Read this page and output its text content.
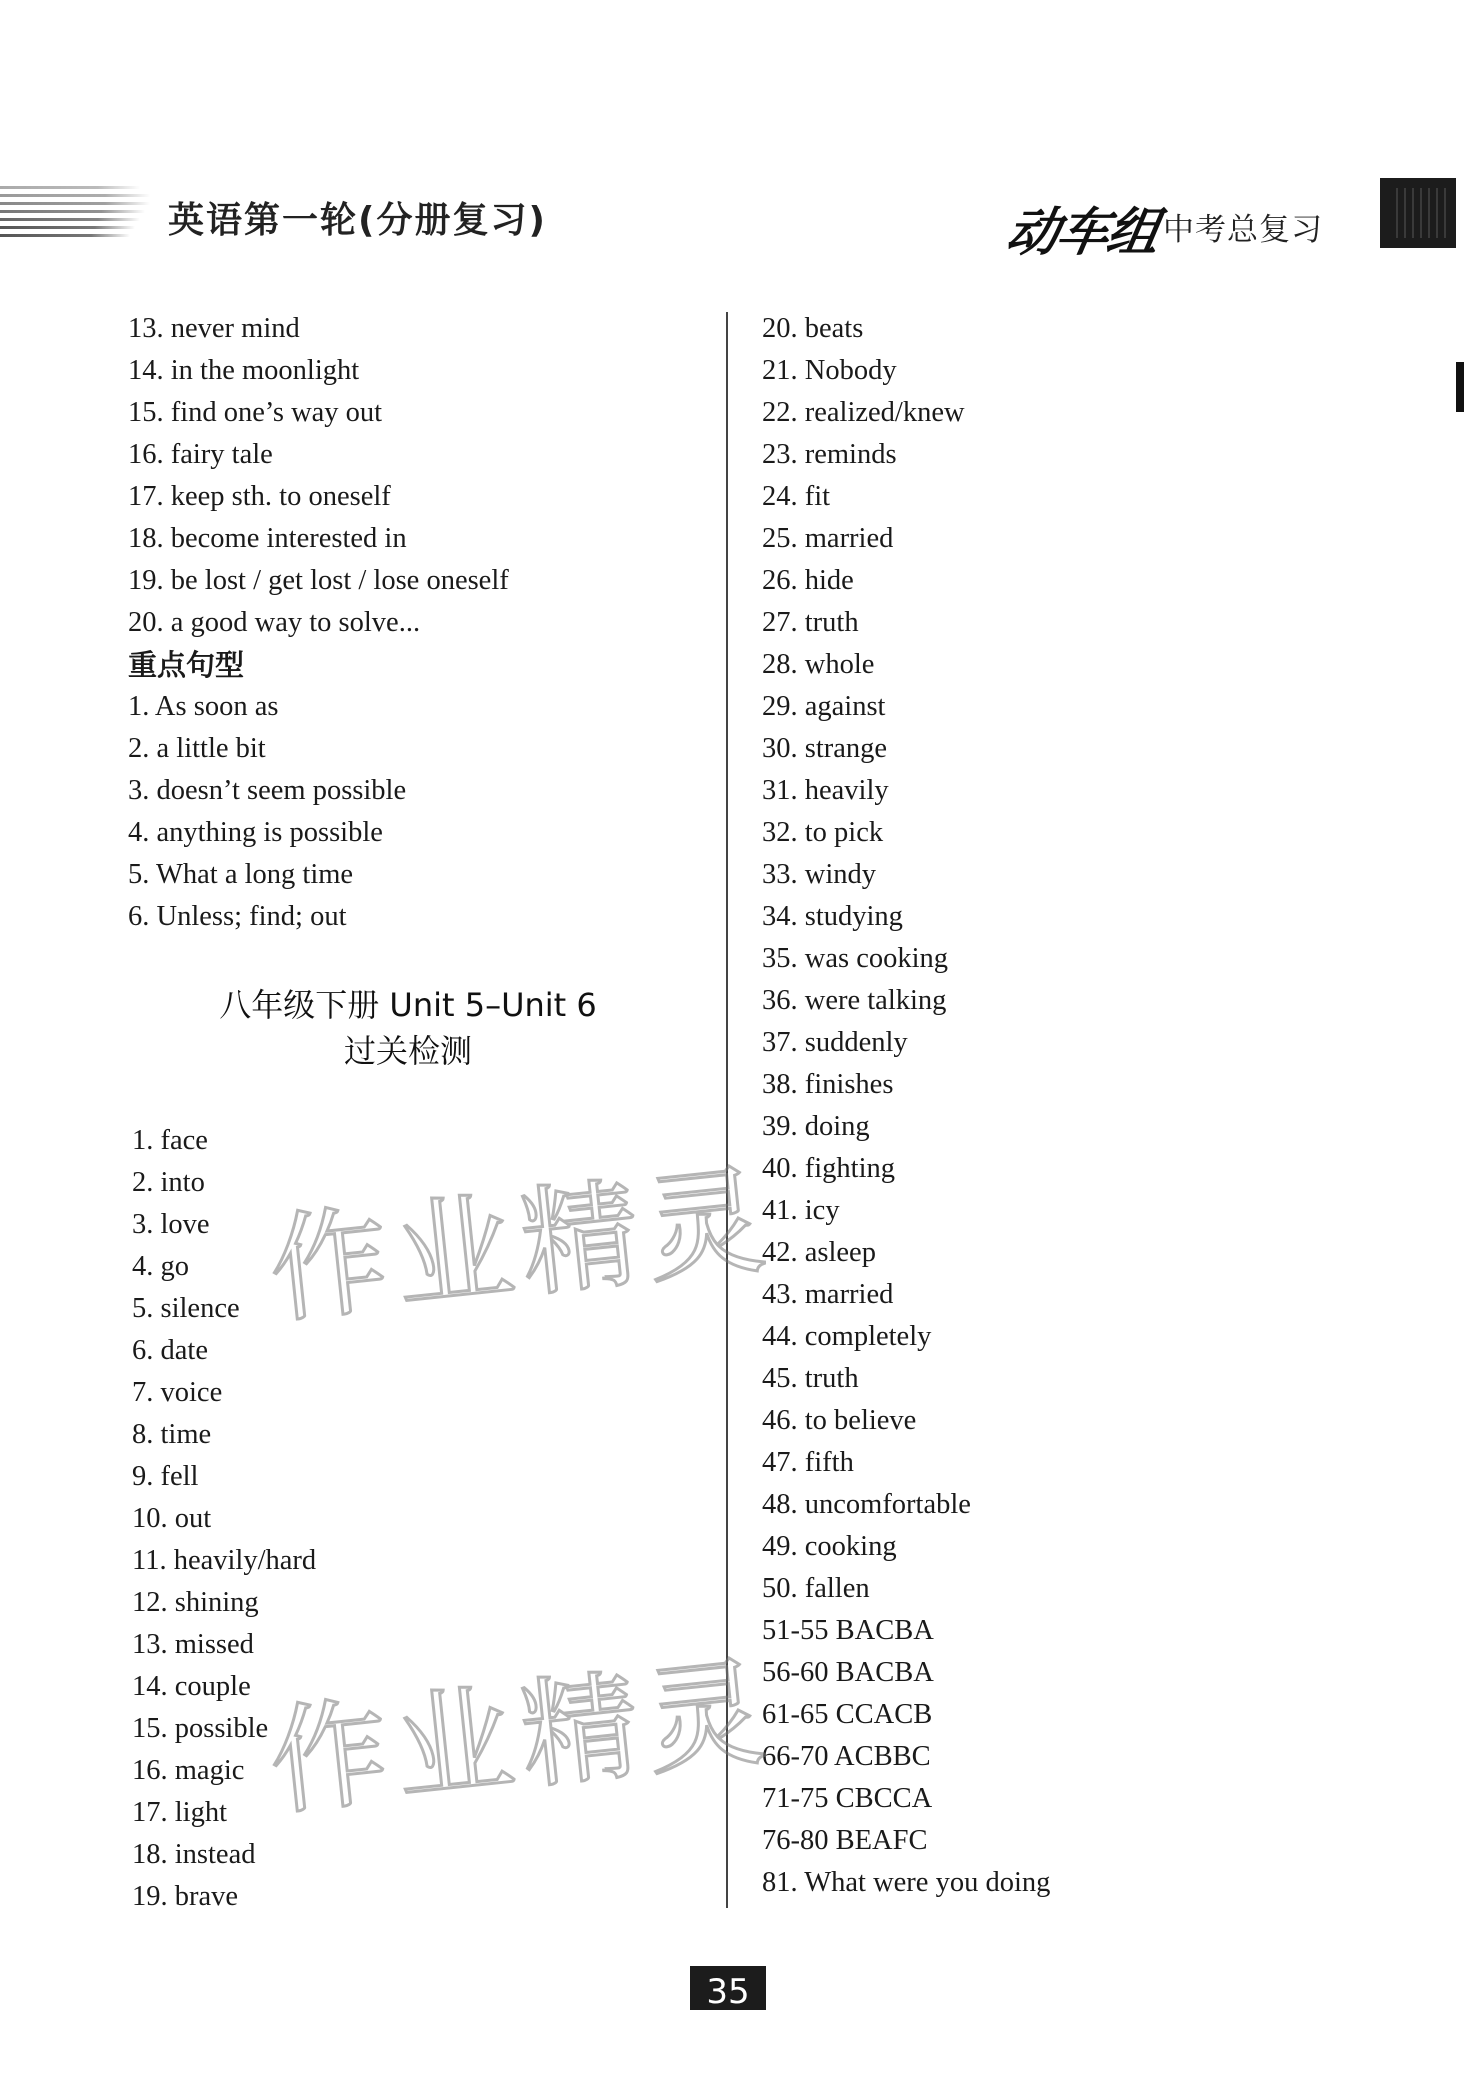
英语第一轮(分册复习)	动车组 中考总复习
13. never mind
14. in the moonlight
15. find one’s way out
16. fairy tale
17. keep sth. to oneself
18. become interested in
19. be lost / get lost / lose oneself
20. a good way to solve...
重点句型
1. As soon as
2. a little bit
3. doesn’t seem possible
4. anything is possible
5. What a long time
6. Unless; find; out
八年级下册 Unit 5–Unit 6
过关检测
1. face
2. into
3. love
4. go
5. silence
6. date
7. voice
8. time
9. fell
10. out
11. heavily/hard
12. shining
13. missed
14. couple
15. possible
16. magic
17. light
18. instead
19. brave
20. beats
21. Nobody
22. realized/knew
23. reminds
24. fit
25. married
26. hide
27. truth
28. whole
29. against
30. strange
31. heavily
32. to pick
33. windy
34. studying
35. was cooking
36. were talking
37. suddenly
38. finishes
39. doing
40. fighting
41. icy
42. asleep
43. married
44. completely
45. truth
46. to believe
47. fifth
48. uncomfortable
49. cooking
50. fallen
51-55 BACBA
56-60 BACBA
61-65 CCACB
66-70 ACBBC
71-75 CBCCA
76-80 BEAFC
81. What were you doing
作业精灵
作业精灵
35
